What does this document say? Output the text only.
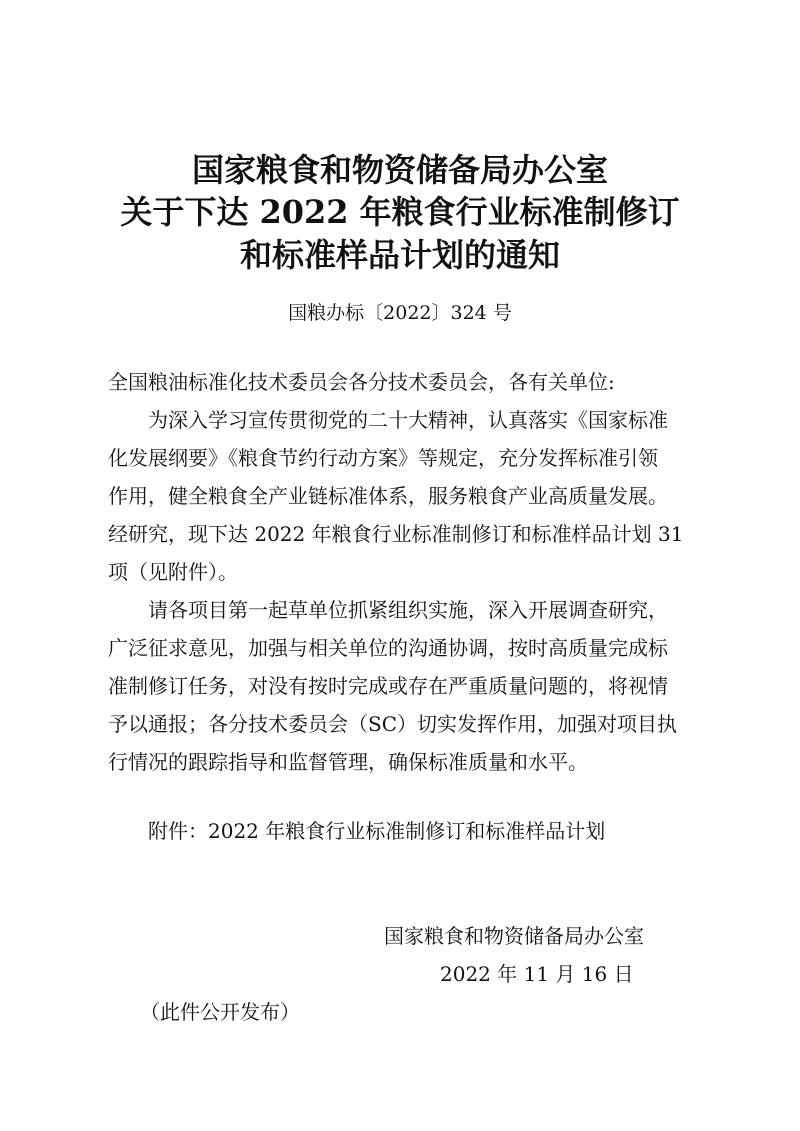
国家粮食和物资储备局办公室
关于下达 2022 年粮食行业标准制修订
和标准样品计划的通知
国粮办标〔2022〕324 号
全国粮油标准化技术委员会各分技术委员会，各有关单位:
为深入学习宣传贯彻党的二十大精神，认真落实《国家标准
化发展纲要》《粮食节约行动方案》等规定，充分发挥标准引领
作用，健全粮食全产业链标准体系，服务粮食产业高质量发展。
经研究，现下达 2022 年粮食行业标准制修订和标准样品计划 31
项（见附件）。
请各项目第一起草单位抓紧组织实施，深入开展调查研究，
广泛征求意见，加强与相关单位的沟通协调，按时高质量完成标
准制修订任务，对没有按时完成或存在严重质量问题的，将视情
予以通报；各分技术委员会（SC）切实发挥作用，加强对项目执
行情况的跟踪指导和监督管理，确保标准质量和水平。
附件：2022 年粮食行业标准制修订和标准样品计划
国家粮食和物资储备局办公室
2022 年 11 月 16 日
（此件公开发布）
